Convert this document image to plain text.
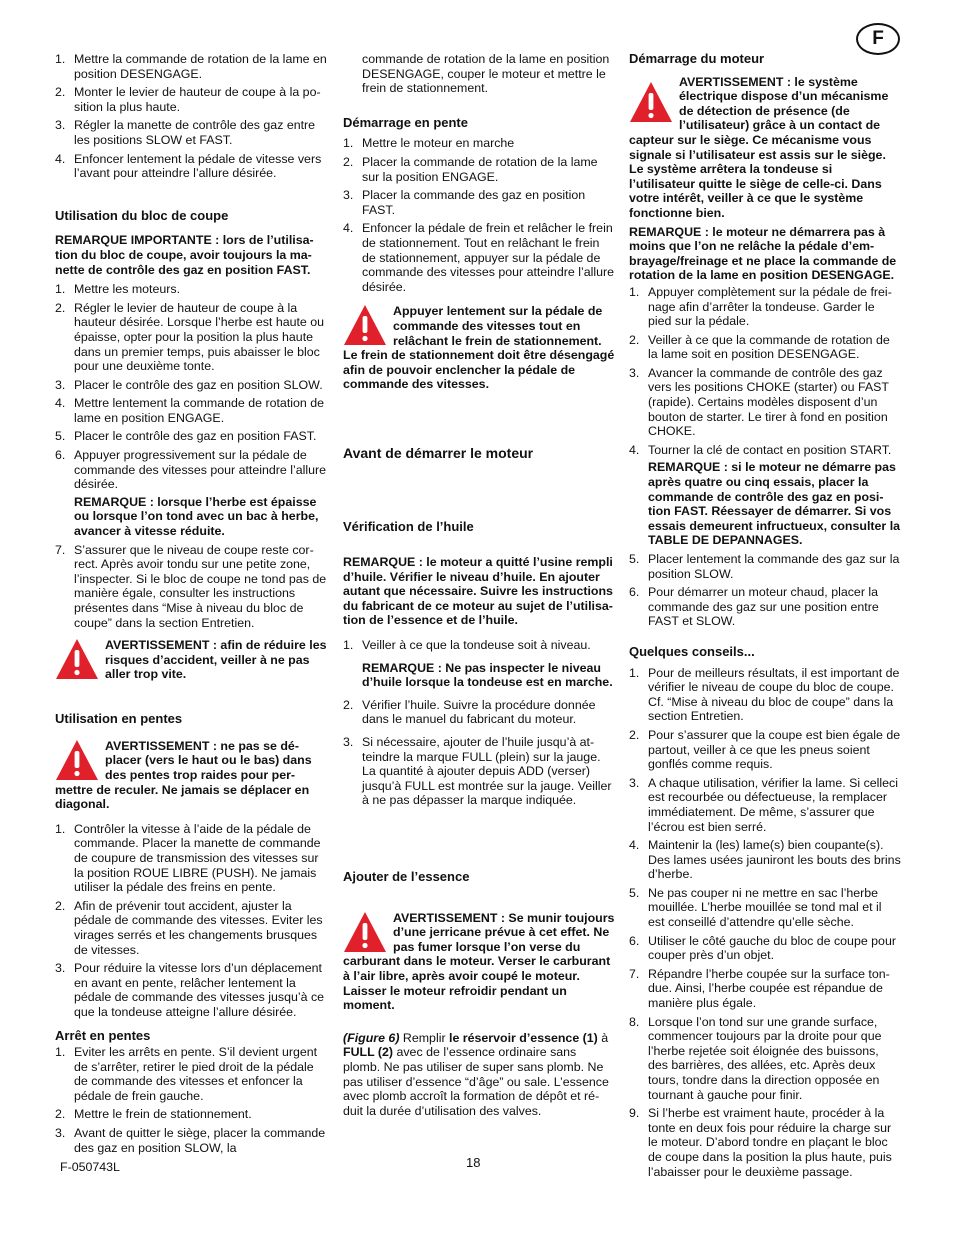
F
1. Mettre la commande de rotation de la lame en position DESENGAGE.
2. Monter le levier de hauteur de coupe à la position la plus haute.
3. Régler la manette de contrôle des gaz entre les positions SLOW et FAST.
4. Enfoncer lentement la pédale de vitesse vers l’avant pour atteindre l’allure désirée.
Utilisation du bloc de coupe
REMARQUE IMPORTANTE : lors de l’utilisation du bloc de coupe, avoir toujours la manette de contrôle des gaz en position FAST.
1. Mettre les moteurs.
2. Régler le levier de hauteur de coupe à la hauteur désirée. Lorsque l’herbe est haute ou épaisse, opter pour la position la plus haute dans un premier temps, puis abaisser le bloc pour une deuxième tonte.
3. Placer le contrôle des gaz en position SLOW.
4. Mettre lentement la commande de rotation de lame en position ENGAGE.
5. Placer le contrôle des gaz en position FAST.
6. Appuyer progressivement sur la pédale de commande des vitesses pour atteindre l’allure désirée.
REMARQUE : lorsque l’herbe est épaisse ou lorsque l’on tond avec un bac à herbe, avancer à vitesse réduite.
7. S’assurer que le niveau de coupe reste correct. Après avoir tondu sur une petite zone, l’inspecter. Si le bloc de coupe ne tond pas de manière égale, consulter les instructions présentes dans “Mise à niveau du bloc de coupe” dans la section Entretien.
AVERTISSEMENT : afin de réduire les risques d’accident, veiller à ne pas aller trop vite.
Utilisation en pentes
AVERTISSEMENT : ne pas se déplacer (vers le haut ou le bas) dans des pentes trop raides pour permettre de reculer. Ne jamais se déplacer en diagonal.
1. Contrôler la vitesse à l’aide de la pédale de commande. Placer la manette de commande de coupure de transmission des vitesses sur la position ROUE LIBRE (PUSH). Ne jamais utiliser la pédale des freins en pente.
2. Afin de prévenir tout accident, ajuster la pédale de commande des vitesses. Eviter les virages serrés et les changements brusques de vitesses.
3. Pour réduire la vitesse lors d’un déplacement en avant en pente, relâcher lentement la pédale de commande des vitesses jusqu’à ce que la tondeuse atteigne l’allure désirée.
Arrêt en pentes
1. Eviter les arrêts en pente. S’il devient urgent de s’arrêter, retirer le pied droit de la pédale de commande des vitesses et enfoncer la pédale de frein gauche.
2. Mettre le frein de stationnement.
3. Avant de quitter le siège, placer la commande des gaz en position SLOW, la
commande de rotation de la lame en position DESENGAGE, couper le moteur et mettre le frein de stationnement.
Démarrage en pente
1. Mettre le moteur en marche
2. Placer la commande de rotation de la lame sur la position ENGAGE.
3. Placer la commande des gaz en position FAST.
4. Enfoncer la pédale de frein et relâcher le frein de stationnement. Tout en relâchant le frein de stationnement, appuyer sur la pédale de commande des vitesses pour atteindre l’allure désirée.
Appuyer lentement sur la pédale de commande des vitesses tout en relâchant le frein de stationnement. Le frein de stationnement doit être désengagé afin de pouvoir enclencher la pédale de commande des vitesses.
Avant de démarrer le moteur
Vérification de l’huile
REMARQUE : le moteur a quitté l’usine rempli d’huile. Vérifier le niveau d’huile. En ajouter autant que nécessaire. Suivre les instructions du fabricant de ce moteur au sujet de l’utilisation de l’essence et de l’huile.
1. Veiller à ce que la tondeuse soit à niveau.
REMARQUE : Ne pas inspecter le niveau d’huile lorsque la tondeuse est en marche.
2. Vérifier l’huile. Suivre la procédure donnée dans le manuel du fabricant du moteur.
3. Si nécessaire, ajouter de l’huile jusqu’à atteindre la marque FULL (plein) sur la jauge. La quantité à ajouter depuis ADD (verser) jusqu’à FULL est montrée sur la jauge. Veiller à ne pas dépasser la marque indiquée.
Ajouter de l’essence
AVERTISSEMENT : Se munir toujours d’une jerricane prévue à cet effet. Ne pas fumer lorsque l’on verse du carburant dans le moteur. Verser le carburant à l’air libre, après avoir coupé le moteur. Laisser le moteur refroidir pendant un moment.
(Figure 6) Remplir le réservoir d’essence (1) à FULL (2) avec de l’essence ordinaire sans plomb. Ne pas utiliser de super sans plomb. Ne pas utiliser d’essence “d’âge” ou sale. L’essence avec plomb accroît la formation de dépôt et réduit la durée d’utilisation des valves.
Démarrage du moteur
AVERTISSEMENT : le système électrique dispose d’un mécanisme de détection de présence (de l’utilisateur) grâce à un contact de capteur sur le siège. Ce mécanisme vous signale si l’utilisateur est assis sur le siège. Le système arrêtera la tondeuse si l’utilisateur quitte le siège de celle-ci. Dans votre intérêt, veiller à ce que le système fonctionne bien.
REMARQUE : le moteur ne démarrera pas à moins que l’on ne relâche la pédale d’embrayage/freinage et ne place la commande de rotation de la lame en position DESENGAGE.
1. Appuyer complètement sur la pédale de freinage afin d’arrêter la tondeuse. Garder le pied sur la pédale.
2. Veiller à ce que la commande de rotation de la lame soit en position DESENGAGE.
3. Avancer la commande de contrôle des gaz vers les positions CHOKE (starter) ou FAST (rapide). Certains modèles disposent d’un bouton de starter. Le tirer à fond en position CHOKE.
4. Tourner la clé de contact en position START.
REMARQUE : si le moteur ne démarre pas après quatre ou cinq essais, placer la commande de contrôle des gaz en position FAST. Réessayer de démarrer. Si vos essais demeurent infructueux, consulter la TABLE DE DEPANNAGES.
5. Placer lentement la commande des gaz sur la position SLOW.
6. Pour démarrer un moteur chaud, placer la commande des gaz sur une position entre FAST et SLOW.
Quelques conseils...
1. Pour de meilleurs résultats, il est important de vérifier le niveau de coupe du bloc de coupe. Cf. “Mise à niveau du bloc de coupe” dans la section Entretien.
2. Pour s’assurer que la coupe est bien égale de partout, veiller à ce que les pneus soient gonflés comme requis.
3. A chaque utilisation, vérifier la lame. Si celleci est recourbée ou défectueuse, la remplacer immédiatement. De même, s’assurer que l’écrou est bien serré.
4. Maintenir la (les) lame(s) bien coupante(s). Des lames usées jauniront les bouts des brins d’herbe.
5. Ne pas couper ni ne mettre en sac l’herbe mouillée. L’herbe mouillée se tond mal et il est conseillé d’attendre qu’elle sèche.
6. Utiliser le côté gauche du bloc de coupe pour couper près d’un objet.
7. Répandre l’herbe coupée sur la surface tondue. Ainsi, l’herbe coupée est répandue de manière plus égale.
8. Lorsque l’on tond sur une grande surface, commencer toujours par la droite pour que l’herbe rejetée soit éloignée des buissons, des barrières, des allées, etc. Après deux tours, tondre dans la direction opposée en tournant à gauche pour finir.
9. Si l’herbe est vraiment haute, procéder à la tonte en deux fois pour réduire la charge sur le moteur. D’abord tondre en plaçant le bloc de coupe dans la position la plus haute, puis l’abaisser pour le deuxième passage.
F-050743L	18
